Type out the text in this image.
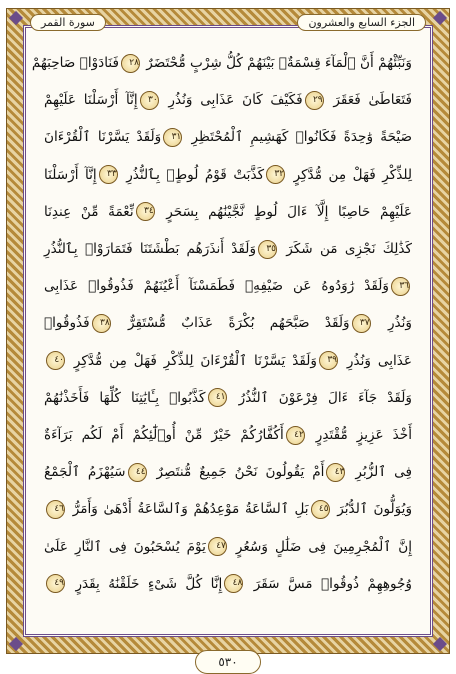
الجزء السابع والعشرون
سورة القمر
وَنَبِّئْهُمْ أَنَّ ٱلْمَآءَ قِسْمَةٌۢ بَيْنَهُمْ كُلُّ شِرْبٍ مُّحْتَضَرٌ ٢٨فَنَادَوْا۟ صَاحِبَهُمْ
فَتَعَاطَىٰ فَعَقَرَ ٢٩فَكَيْفَ كَانَ عَذَابِى وَنُذُرِ ٣٠إِنَّآ أَرْسَلْنَا عَلَيْهِمْ
صَيْحَةً وَٰحِدَةً فَكَانُوا۟ كَهَشِيمِ ٱلْمُحْتَظِرِ ٣١وَلَقَدْ يَسَّرْنَا ٱلْقُرْءَانَ
لِلذِّكْرِ فَهَلْ مِن مُّدَّكِرٍ ٣٢كَذَّبَتْ قَوْمُ لُوطٍۭ بِٱلنُّذُرِ ٣٣إِنَّآ أَرْسَلْنَا
عَلَيْهِمْ حَاصِبًا إِلَّآ ءَالَ لُوطٍ نَّجَّيْنَٰهُم بِسَحَرٍ ٣٤نِّعْمَةً مِّنْ عِندِنَا
كَذَٰلِكَ نَجْزِى مَن شَكَرَ ٣٥وَلَقَدْ أَنذَرَهُم بَطْشَتَنَا فَتَمَارَوْا۟ بِٱلنُّذُرِ
٣٦وَلَقَدْ رَٰوَدُوهُ عَن ضَيْفِهِۦ فَطَمَسْنَآ أَعْيُنَهُمْ فَذُوقُوا۟ عَذَابِى
وَنُذُرِ ٣٧وَلَقَدْ صَبَّحَهُم بُكْرَةً عَذَابٌ مُّسْتَقِرٌّ ٣٨فَذُوقُوا۟
عَذَابِى وَنُذُرِ ٣٩وَلَقَدْ يَسَّرْنَا ٱلْقُرْءَانَ لِلذِّكْرِ فَهَلْ مِن مُّدَّكِرٍ ٤٠
وَلَقَدْ جَآءَ ءَالَ فِرْعَوْنَ ٱلنُّذُرُ ٤١كَذَّبُوا۟ بِـَٔايَٰتِنَا كُلِّهَا فَأَخَذْنَٰهُمْ
أَخْذَ عَزِيزٍ مُّقْتَدِرٍ ٤٢أَكُفَّارُكُمْ خَيْرٌ مِّنْ أُو۟لَٰٓئِكُمْ أَمْ لَكُم بَرَآءَةٌ
فِى ٱلزُّبُرِ ٤٣أَمْ يَقُولُونَ نَحْنُ جَمِيعٌ مُّنتَصِرٌ ٤٤سَيُهْزَمُ ٱلْجَمْعُ
وَيُوَلُّونَ ٱلدُّبُرَ ٤٥بَلِ ٱلسَّاعَةُ مَوْعِدُهُمْ وَٱلسَّاعَةُ أَدْهَىٰ وَأَمَرُّ ٤٦
إِنَّ ٱلْمُجْرِمِينَ فِى ضَلَٰلٍ وَسُعُرٍ ٤٧يَوْمَ يُسْحَبُونَ فِى ٱلنَّارِ عَلَىٰ
وُجُوهِهِمْ ذُوقُوا۟ مَسَّ سَقَرَ ٤٨إِنَّا كُلَّ شَىْءٍ خَلَقْنَٰهُ بِقَدَرٍ ٤٩
٥٣٠
